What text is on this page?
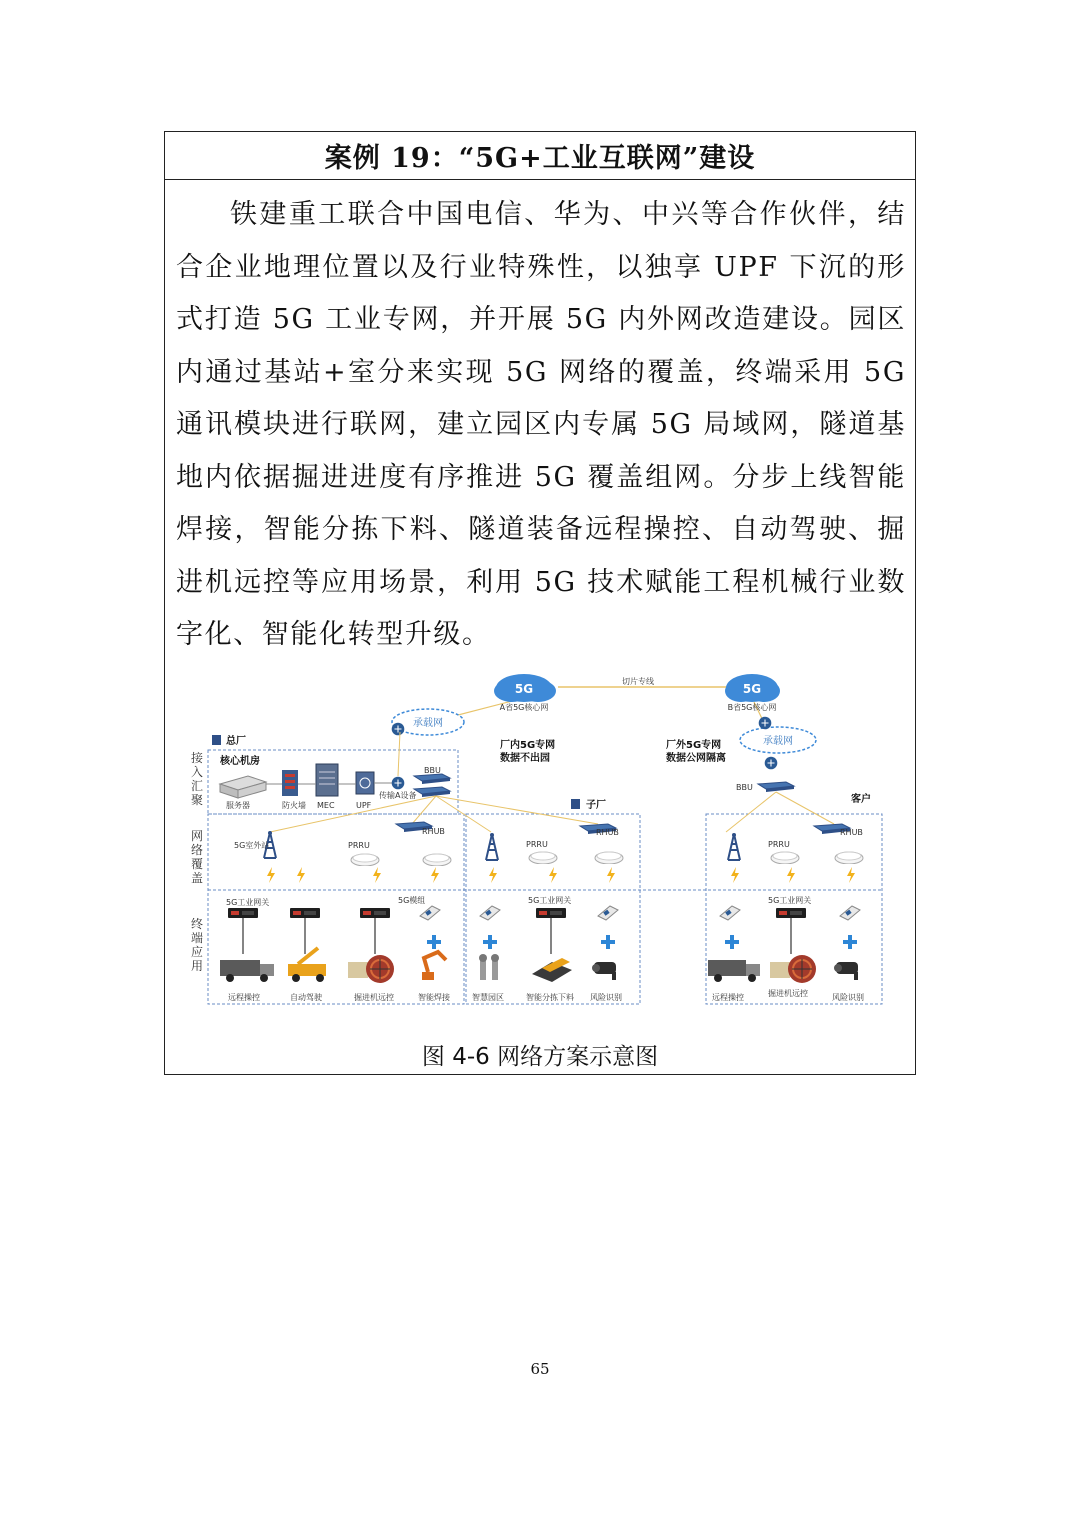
案例 19：“5G+工业互联网”建设

铁建重工联合中国电信、华为、中兴等合作伙伴，结合企业地理位置以及行业特殊性，以独享 UPF 下沉的形式打造 5G 工业专网，并开展 5G 内外网改造建设。园区内通过基站+室分来实现 5G 网络的覆盖，终端采用 5G 通讯模块进行联网，建立园区内专属 5G 局域网，隧道基地内依据掘进进度有序推进 5G 覆盖组网。分步上线智能焊接，智能分拣下料、隧道装备远程操控、自动驾驶、掘进机远控等应用场景，利用 5G 技术赋能工程机械行业数字化、智能化转型升级。

5G
A省5G核心网
切片专线
5G
B省5G核心网
承载网
承载网
厂内5G专网
数据不出园
厂外5G专网
数据公网隔离
总厂
子厂
客户
接入汇聚
网络覆盖
终端应用
核心机房
服务器	防火墙 MEC	UPF
传输A设备
BBU
BBU
5G室外站
RHUB
PRRU
RHUB
PRRU
RHUB
PRRU
5G工业网关	5G模组
远程操控	自动驾驶	掘进机远控	智能焊接
5G工业网关
智慧园区	智能分拣下料 风险识别
5G工业网关
远程操控	掘进机远控	风险识别
图 4-6 网络方案示意图
65
